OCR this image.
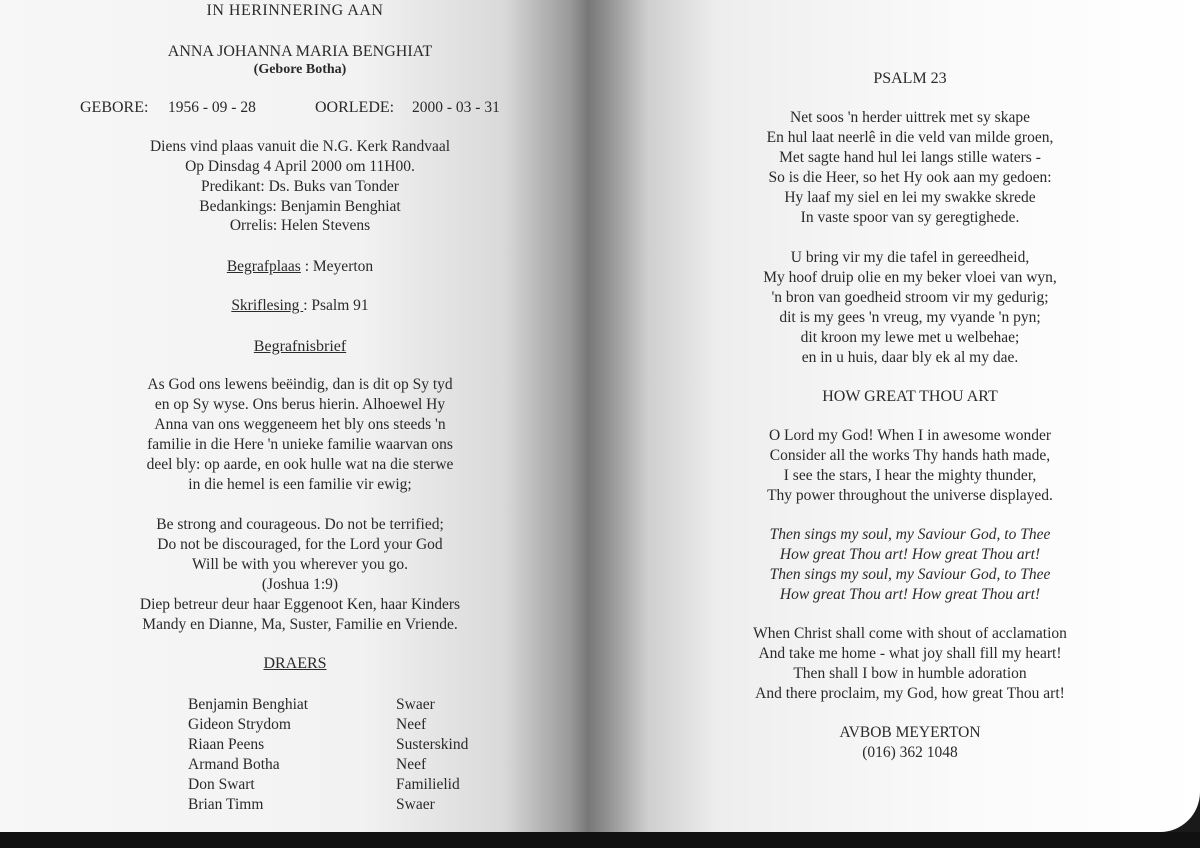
IN HERINNERING AAN
ANNA JOHANNA MARIA BENGHIAT
(Gebore Botha)
GEBORE: 1956 - 09 - 28	OORLEDE: 2000 - 03 - 31
Diens vind plaas vanuit die N.G. Kerk Randvaal
Op Dinsdag 4 April 2000 om 11H00.
Predikant: Ds. Buks van Tonder
Bedankings: Benjamin Benghiat
Orrelis: Helen Stevens
Begrafplaas : Meyerton
Skriflesing : Psalm 91
Begrafnisbrief
As God ons lewens beëindig, dan is dit op Sy tyd
en op Sy wyse. Ons berus hierin. Alhoewel Hy
Anna van ons weggeneem het bly ons steeds 'n
familie in die Here 'n unieke familie waarvan ons
deel bly: op aarde, en ook hulle wat na die sterwe
in die hemel is een familie vir ewig;
Be strong and courageous. Do not be terrified;
Do not be discouraged, for the Lord your God
Will be with you wherever you go.
(Joshua 1:9)
Diep betreur deur haar Eggenoot Ken, haar Kinders
Mandy en Dianne, Ma, Suster, Familie en Vriende.
DRAERS
Benjamin Benghiat	Swaer
Gideon Strydom	Neef
Riaan Peens	Susterskind
Armand Botha	Neef
Don Swart	Familielid
Brian Timm	Swaer
PSALM 23
Net soos 'n herder uittrek met sy skape
En hul laat neerlê in die veld van milde groen,
Met sagte hand hul lei langs stille waters -
So is die Heer, so het Hy ook aan my gedoen:
Hy laaf my siel en lei my swakke skrede
In vaste spoor van sy geregtighede.
U bring vir my die tafel in gereedheid,
My hoof druip olie en my beker vloei van wyn,
'n bron van goedheid stroom vir my gedurig;
dit is my gees 'n vreug, my vyande 'n pyn;
dit kroon my lewe met u welbehae;
en in u huis, daar bly ek al my dae.
HOW GREAT THOU ART
O Lord my God! When I in awesome wonder
Consider all the works Thy hands hath made,
I see the stars, I hear the mighty thunder,
Thy power throughout the universe displayed.
Then sings my soul, my Saviour God, to Thee
How great Thou art! How great Thou art!
Then sings my soul, my Saviour God, to Thee
How great Thou art! How great Thou art!
When Christ shall come with shout of acclamation
And take me home - what joy shall fill my heart!
Then shall I bow in humble adoration
And there proclaim, my God, how great Thou art!
AVBOB MEYERTON
(016) 362 1048
